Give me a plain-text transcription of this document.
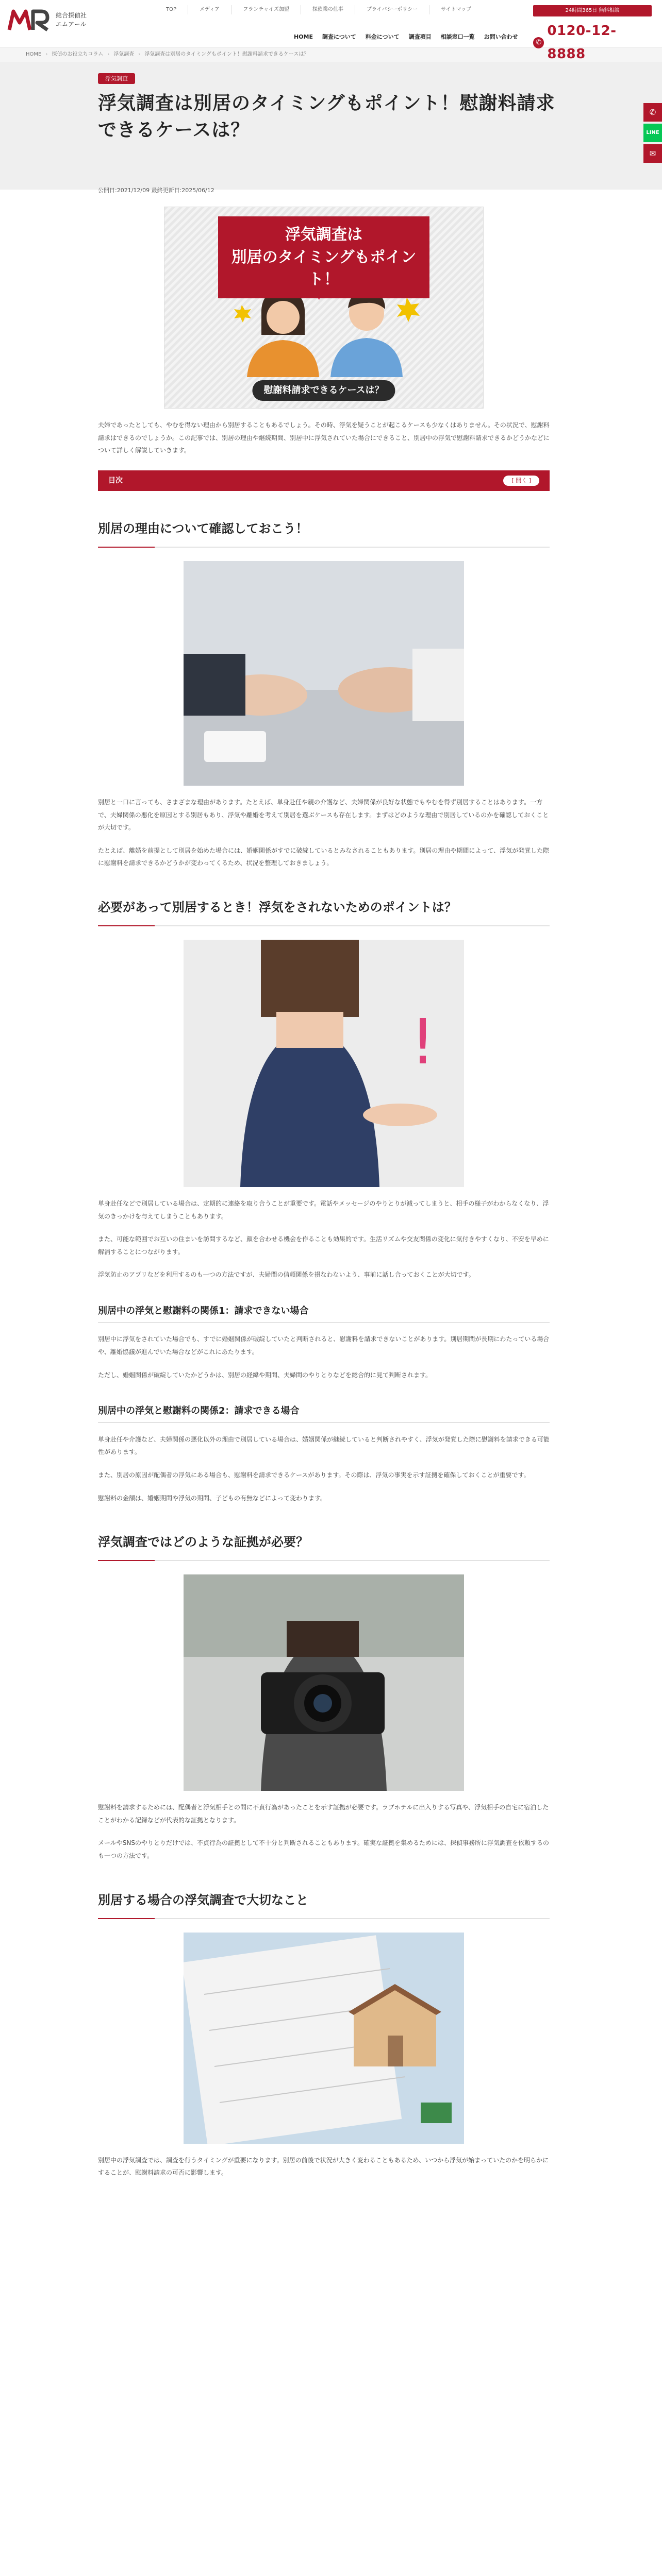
総合探偵社
エムアール
TOP	メディア	フランチャイズ加盟	探偵業の仕事	プライバシーポリシー	サイトマップ
HOME 調査について 料金について 調査項目 相談窓口一覧 お問い合わせ
24時間365日 無料相談
✆
0120-12-8888
HOME › 探偵のお役立ちコラム › 浮気調査 › 浮気調査は別居のタイミングもポイント！慰謝料請求できるケースは？
浮気調査
浮気調査は別居のタイミングもポイント！慰謝料請求できるケースは？
✆
LINE
✉
公開日:2021/12/09 最終更新日:2025/06/12
浮気調査は
別居のタイミングもポイント！
慰謝料請求できるケースは？

夫婦であったとしても、やむを得ない理由から別居することもあるでしょう。その時、浮気を疑うことが起こるケースも少なくはありません。その状況で、慰謝料請求はできるのでしょうか。この記事では、別居の理由や継続期間、別居中に浮気されていた場合にできること、別居中の浮気で慰謝料請求できるかどうかなどについて詳しく解説していきます。

目次	[ 開く ]
別居の理由について確認しておこう！

別居と一口に言っても、さまざまな理由があります。たとえば、単身赴任や親の介護など、夫婦関係が良好な状態でもやむを得ず別居することはあります。一方で、夫婦関係の悪化を原因とする別居もあり、浮気や離婚を考えて別居を選ぶケースも存在します。まずはどのような理由で別居しているのかを確認しておくことが大切です。

たとえば、離婚を前提として別居を始めた場合には、婚姻関係がすでに破綻しているとみなされることもあります。別居の理由や期間によって、浮気が発覚した際に慰謝料を請求できるかどうかが変わってくるため、状況を整理しておきましょう。

必要があって別居するとき！浮気をされないためのポイントは？
!

単身赴任などで別居している場合は、定期的に連絡を取り合うことが重要です。電話やメッセージのやりとりが減ってしまうと、相手の様子がわからなくなり、浮気のきっかけを与えてしまうこともあります。

また、可能な範囲でお互いの住まいを訪問するなど、顔を合わせる機会を作ることも効果的です。生活リズムや交友関係の変化に気付きやすくなり、不安を早めに解消することにつながります。

浮気防止のアプリなどを利用するのも一つの方法ですが、夫婦間の信頼関係を損なわないよう、事前に話し合っておくことが大切です。

別居中の浮気と慰謝料の関係1：請求できない場合

別居中に浮気をされていた場合でも、すでに婚姻関係が破綻していたと判断されると、慰謝料を請求できないことがあります。別居期間が長期にわたっている場合や、離婚協議が進んでいた場合などがこれにあたります。

ただし、婚姻関係が破綻していたかどうかは、別居の経緯や期間、夫婦間のやりとりなどを総合的に見て判断されます。

別居中の浮気と慰謝料の関係2：請求できる場合

単身赴任や介護など、夫婦関係の悪化以外の理由で別居している場合は、婚姻関係が継続していると判断されやすく、浮気が発覚した際に慰謝料を請求できる可能性があります。

また、別居の原因が配偶者の浮気にある場合も、慰謝料を請求できるケースがあります。その際は、浮気の事実を示す証拠を確保しておくことが重要です。

慰謝料の金額は、婚姻期間や浮気の期間、子どもの有無などによって変わります。

浮気調査ではどのような証拠が必要？

慰謝料を請求するためには、配偶者と浮気相手との間に不貞行為があったことを示す証拠が必要です。ラブホテルに出入りする写真や、浮気相手の自宅に宿泊したことがわかる記録などが代表的な証拠となります。

メールやSNSのやりとりだけでは、不貞行為の証拠として不十分と判断されることもあります。確実な証拠を集めるためには、探偵事務所に浮気調査を依頼するのも一つの方法です。

別居する場合の浮気調査で大切なこと

別居中の浮気調査では、調査を行うタイミングが重要になります。別居の前後で状況が大きく変わることもあるため、いつから浮気が始まっていたのかを明らかにすることが、慰謝料請求の可否に影響します。
